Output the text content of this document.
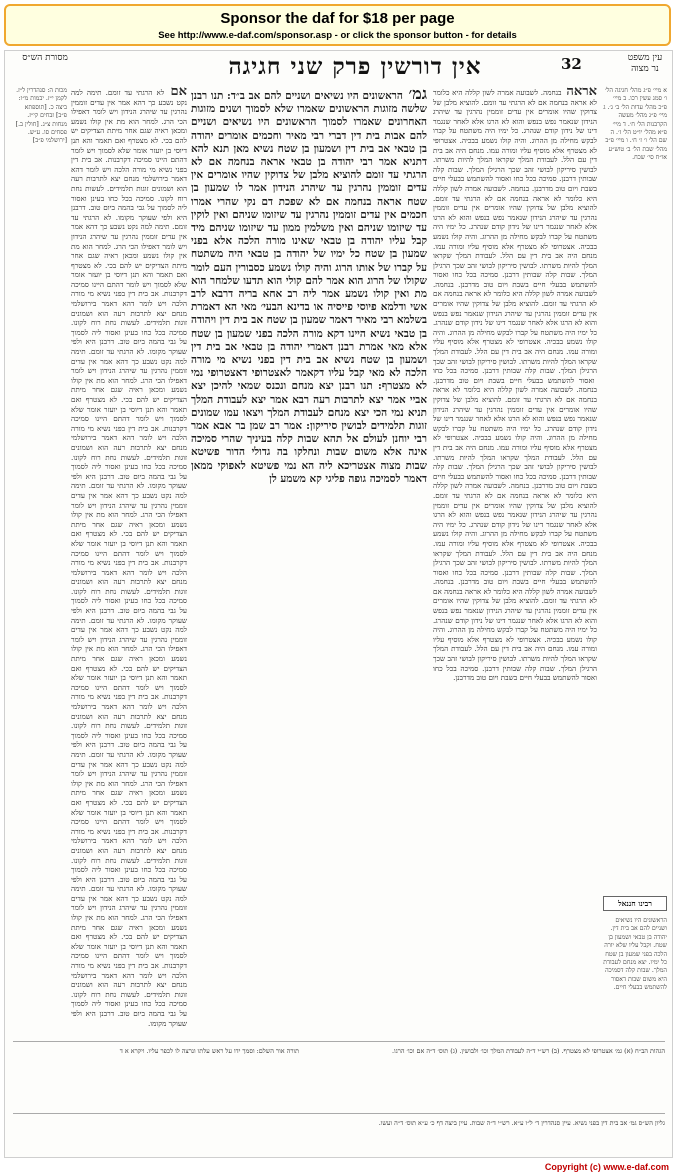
Sponsor the daf for $18 per page
See http://www.e-daf.com/sponsor.asp - or click the sponsor button - for details
עין משפט נר מצוה
32
אין דורשין פרק שני חגיגה
מסורת הש״ס
א מיי׳ פ״ג מהל׳ חגיגה הל׳ ו׳ סמג עשין רכו. ב מיי׳ פ״כ מהל׳ עדות הל׳ ב׳ ג׳. ג מיי׳ פ״ג מהל׳ מעשה הקרבנות הל׳ ח׳. ד מיי׳ פ״א מהל׳ יו״ט הל׳ ז׳. ה שם הל׳ ו׳ ז׳ ח׳. ו מיי׳ פ״ב מהל׳ שבת הל׳ ב׳ טוש״ע או״ח סי׳ שכח.
אראה בנחמה. לשבועה אמרה לשון קללה היא כלומר לא אראה בנחמה אם לא הרגתי עד זומם. להוציא מלבן של צדוקין שהיו אומרים אין עדים זוממין נהרגין עד שיהרג הנידון שנאמר נפש בנפש והוא לא הרגו אלא לאחר שנגמר דינו של נידון קודם שנהרג. כל ימיו היה משתטח על קברו לבקש מחילה מן ההרוג. והיה קולו נשמע בבכיה. אצטרופי לא מצטרף אלא מוסיף עליו ומורה עמו. מנחם היה אב בית דין עם הלל. לעבודת המלך שקראו המלך להיות משרתו. לבושין סיריקון לבושי זהב שכך הרגילן המלך. שבות קלה שבותין דרבנן. סמיכה בכל כחו ואסור להשתמש בבעלי חיים בשבת ויום טוב מדרבנן. בנחמה. לשבועה אמרה לשון קללה היא כלומר לא אראה בנחמה אם לא הרגתי עד זומם. להוציא מלבן של צדוקין שהיו אומרים אין עדים זוממין נהרגין עד שיהרג הנידון שנאמר נפש בנפש והוא לא הרגו אלא לאחר שנגמר דינו של נידון קודם שנהרג. כל ימיו היה משתטח על קברו לבקש מחילה מן ההרוג. והיה קולו נשמע בבכיה. אצטרופי לא מצטרף אלא מוסיף עליו ומורה עמו. מנחם היה אב בית דין עם הלל. לעבודת המלך שקראו המלך להיות משרתו. לבושין סיריקון לבושי זהב שכך הרגילן המלך. שבות קלה שבותין דרבנן. סמיכה בכל כחו ואסור להשתמש בבעלי חיים בשבת ויום טוב מדרבנן. בנחמה. לשבועה אמרה לשון קללה היא כלומר לא אראה בנחמה אם לא הרגתי עד זומם. להוציא מלבן של צדוקין שהיו אומרים אין עדים זוממין נהרגין עד שיהרג הנידון שנאמר נפש בנפש והוא לא הרגו אלא לאחר שנגמר דינו של נידון קודם שנהרג. כל ימיו היה משתטח על קברו לבקש מחילה מן ההרוג. והיה קולו נשמע בבכיה. אצטרופי לא מצטרף אלא מוסיף עליו ומורה עמו. מנחם היה אב בית דין עם הלל. לעבודת המלך שקראו המלך להיות משרתו. לבושין סיריקון לבושי זהב שכך הרגילן המלך. שבות קלה שבותין דרבנן. סמיכה בכל כחו ואסור להשתמש בבעלי חיים בשבת ויום טוב מדרבנן. בנחמה. לשבועה אמרה לשון קללה היא כלומר לא אראה בנחמה אם לא הרגתי עד זומם. להוציא מלבן של צדוקין שהיו אומרים אין עדים זוממין נהרגין עד שיהרג הנידון שנאמר נפש בנפש והוא לא הרגו אלא לאחר שנגמר דינו של נידון קודם שנהרג. כל ימיו היה משתטח על קברו לבקש מחילה מן ההרוג. והיה קולו נשמע בבכיה. אצטרופי לא מצטרף אלא מוסיף עליו ומורה עמו. מנחם היה אב בית דין עם הלל. לעבודת המלך שקראו המלך להיות משרתו. לבושין סיריקון לבושי זהב שכך הרגילן המלך. שבות קלה שבותין דרבנן. סמיכה בכל כחו ואסור להשתמש בבעלי חיים בשבת ויום טוב מדרבנן. בנחמה. לשבועה אמרה לשון קללה היא כלומר לא אראה בנחמה אם לא הרגתי עד זומם. להוציא מלבן של צדוקין שהיו אומרים אין עדים זוממין נהרגין עד שיהרג הנידון שנאמר נפש בנפש והוא לא הרגו אלא לאחר שנגמר דינו של נידון קודם שנהרג. כל ימיו היה משתטח על קברו לבקש מחילה מן ההרוג. והיה קולו נשמע בבכיה. אצטרופי לא מצטרף אלא מוסיף עליו ומורה עמו. מנחם היה אב בית דין עם הלל. לעבודת המלך שקראו המלך להיות משרתו. לבושין סיריקון לבושי זהב שכך הרגילן המלך. שבות קלה שבותין דרבנן. סמיכה בכל כחו ואסור להשתמש בבעלי חיים בשבת ויום טוב מדרבנן. בנחמה. לשבועה אמרה לשון קללה היא כלומר לא אראה בנחמה אם לא הרגתי עד זומם. להוציא מלבן של צדוקין שהיו אומרים אין עדים זוממין נהרגין עד שיהרג הנידון שנאמר נפש בנפש והוא לא הרגו אלא לאחר שנגמר דינו של נידון קודם שנהרג. כל ימיו היה משתטח על קברו לבקש מחילה מן ההרוג. והיה קולו נשמע בבכיה. אצטרופי לא מצטרף אלא מוסיף עליו ומורה עמו. מנחם היה אב בית דין עם הלל. לעבודת המלך שקראו המלך להיות משרתו. לבושין סיריקון לבושי זהב שכך הרגילן המלך. שבות קלה שבותין דרבנן. סמיכה בכל כחו ואסור להשתמש בבעלי חיים בשבת ויום טוב מדרבנן.
גמ׳ הראשונים היו נשיאים ושניים להם אב ב״ד: תנו רבנן שלשה מזוגות הראשונים שאמרו שלא לסמוך ושנים מזוגות האחרונים שאמרו לסמוך הראשונים היו נשיאים ושניים להם אבות בית דין דברי רבי מאיר וחכמים אומרים יהודה בן טבאי אב בית דין ושמעון בן שטח נשיא מאן תנא להא דתניא אמר רבי יהודה בן טבאי אראה בנחמה אם לא הרגתי עד זומם להוציא מלבן של צדוקין שהיו אומרים אין עדים זוממין נהרגין עד שיהרג הנידון אמר לו שמעון בן שטח אראה בנחמה אם לא שפכת דם נקי שהרי אמרו חכמים אין עדים זוממין נהרגין עד שיזומו שניהם ואין לוקין עד שיזומו שניהם ואין משלמין ממון עד שיזומו שניהם מיד קבל עליו יהודה בן טבאי שאינו מורה הלכה אלא בפני שמעון בן שטח כל ימיו של יהודה בן טבאי היה משתטח על קברו של אותו הרוג והיה קולו נשמע כסבורין העם לומר שקולו של הרוג הוא אמר להם קולי הוא תדעו שלמחר הוא מת ואין קולו נשמע אמר ליה רב אחא בריה דרבא לרב אשי ודלמא פיוסי פייסיה או בדינא הבעי׳ מאי הא דאמרת בשלמא רבי מאיר דאמר שמעון בן שטח אב בית דין ויהודה בן טבאי נשיא היינו דקא מורה הלכה בפני שמעון בן שטח אלא מאי אמרת רבנן דאמרי יהודה בן טבאי אב בית דין ושמעון בן שטח נשיא אב בית דין בפני נשיא מי מורה הלכה לא מאי קבל עליו דקאמר לאצטרופי דאצטרופי נמי לא מצטרף: תנו רבנן יצא מנחם ונכנס שמאי להיכן יצא אביי אמר יצא לתרבות רעה רבא אמר יצא לעבודת המלך תניא נמי הכי יצא מנחם לעבודת המלך ויצאו עמו שמונים זוגות תלמידים לבושין סיריקון: אמר רב שמן בר אבא אמר רבי יוחנן לעולם אל תהא שבות קלה בעיניך שהרי סמיכה אינה אלא משום שבות ונחלקו בה גדולי הדור פשיטא שבות מצוה אצטריכא ליה הא נמי פשיטא לאפוקי ממאן דאמר לסמיכה גופה פליגי קא משמע לן
אם לא הרגתי עד זומם. תימה למה נקט נשבע כך דהא אמר אין עדים זוממין נהרגין עד שיהרג הנידון ויש לומר דאפילו הכי הרג. למחר הוא מת אין קולו נשמע ומכאן ראיה שגם אחר מיתת הצדיקים יש להם בכי. לא מצטרף ואם תאמר והא תנן דיוסי בן יועזר אומר שלא לסמוך ויש לומר דהתם היינו סמיכה דקרבנות. אב בית דין בפני נשיא מי מורה הלכה ויש לומר דהא דאמר בירושלמי מנחם יצא לתרבות רעה הוא ושמונים זוגות תלמידים. לעשות נחת רוח לקונו. סמיכה בכל כחו בעינן ואסור ליה לסמוך על גבי בהמה ביום טוב. דרבנן היא ולפי שעוקר מקומו. לא הרגתי עד זומם. תימה למה נקט נשבע כך דהא אמר אין עדים זוממין נהרגין עד שיהרג הנידון ויש לומר דאפילו הכי הרג. למחר הוא מת אין קולו נשמע ומכאן ראיה שגם אחר מיתת הצדיקים יש להם בכי. לא מצטרף ואם תאמר והא תנן דיוסי בן יועזר אומר שלא לסמוך ויש לומר דהתם היינו סמיכה דקרבנות. אב בית דין בפני נשיא מי מורה הלכה ויש לומר דהא דאמר בירושלמי מנחם יצא לתרבות רעה הוא ושמונים זוגות תלמידים. לעשות נחת רוח לקונו. סמיכה בכל כחו בעינן ואסור ליה לסמוך על גבי בהמה ביום טוב. דרבנן היא ולפי שעוקר מקומו. לא הרגתי עד זומם. תימה למה נקט נשבע כך דהא אמר אין עדים זוממין נהרגין עד שיהרג הנידון ויש לומר דאפילו הכי הרג. למחר הוא מת אין קולו נשמע ומכאן ראיה שגם אחר מיתת הצדיקים יש להם בכי. לא מצטרף ואם תאמר והא תנן דיוסי בן יועזר אומר שלא לסמוך ויש לומר דהתם היינו סמיכה דקרבנות. אב בית דין בפני נשיא מי מורה הלכה ויש לומר דהא דאמר בירושלמי מנחם יצא לתרבות רעה הוא ושמונים זוגות תלמידים. לעשות נחת רוח לקונו. סמיכה בכל כחו בעינן ואסור ליה לסמוך על גבי בהמה ביום טוב. דרבנן היא ולפי שעוקר מקומו. לא הרגתי עד זומם. תימה למה נקט נשבע כך דהא אמר אין עדים זוממין נהרגין עד שיהרג הנידון ויש לומר דאפילו הכי הרג. למחר הוא מת אין קולו נשמע ומכאן ראיה שגם אחר מיתת הצדיקים יש להם בכי. לא מצטרף ואם תאמר והא תנן דיוסי בן יועזר אומר שלא לסמוך ויש לומר דהתם היינו סמיכה דקרבנות. אב בית דין בפני נשיא מי מורה הלכה ויש לומר דהא דאמר בירושלמי מנחם יצא לתרבות רעה הוא ושמונים זוגות תלמידים. לעשות נחת רוח לקונו. סמיכה בכל כחו בעינן ואסור ליה לסמוך על גבי בהמה ביום טוב. דרבנן היא ולפי שעוקר מקומו. לא הרגתי עד זומם. תימה למה נקט נשבע כך דהא אמר אין עדים זוממין נהרגין עד שיהרג הנידון ויש לומר דאפילו הכי הרג. למחר הוא מת אין קולו נשמע ומכאן ראיה שגם אחר מיתת הצדיקים יש להם בכי. לא מצטרף ואם תאמר והא תנן דיוסי בן יועזר אומר שלא לסמוך ויש לומר דהתם היינו סמיכה דקרבנות. אב בית דין בפני נשיא מי מורה הלכה ויש לומר דהא דאמר בירושלמי מנחם יצא לתרבות רעה הוא ושמונים זוגות תלמידים. לעשות נחת רוח לקונו. סמיכה בכל כחו בעינן ואסור ליה לסמוך על גבי בהמה ביום טוב. דרבנן היא ולפי שעוקר מקומו. לא הרגתי עד זומם. תימה למה נקט נשבע כך דהא אמר אין עדים זוממין נהרגין עד שיהרג הנידון ויש לומר דאפילו הכי הרג. למחר הוא מת אין קולו נשמע ומכאן ראיה שגם אחר מיתת הצדיקים יש להם בכי. לא מצטרף ואם תאמר והא תנן דיוסי בן יועזר אומר שלא לסמוך ויש לומר דהתם היינו סמיכה דקרבנות. אב בית דין בפני נשיא מי מורה הלכה ויש לומר דהא דאמר בירושלמי מנחם יצא לתרבות רעה הוא ושמונים זוגות תלמידים. לעשות נחת רוח לקונו. סמיכה בכל כחו בעינן ואסור ליה לסמוך על גבי בהמה ביום טוב. דרבנן היא ולפי שעוקר מקומו. לא הרגתי עד זומם. תימה למה נקט נשבע כך דהא אמר אין עדים זוממין נהרגין עד שיהרג הנידון ויש לומר דאפילו הכי הרג. למחר הוא מת אין קולו נשמע ומכאן ראיה שגם אחר מיתת הצדיקים יש להם בכי. לא מצטרף ואם תאמר והא תנן דיוסי בן יועזר אומר שלא לסמוך ויש לומר דהתם היינו סמיכה דקרבנות. אב בית דין בפני נשיא מי מורה הלכה ויש לומר דהא דאמר בירושלמי מנחם יצא לתרבות רעה הוא ושמונים זוגות תלמידים. לעשות נחת רוח לקונו. סמיכה בכל כחו בעינן ואסור ליה לסמוך על גבי בהמה ביום טוב. דרבנן היא ולפי שעוקר מקומו.
מכות ה: סנהדרין ל״ז. לקמן י״ז. יבמות מ״ו: ביצה כ. [תוספתא פ״ב] זבחים קי״ז. מנחות צ״ג. [חולין ב.] פסחים סו. ע״ש. [ירושלמי פ״ב]
רבינו חננאל
הראשונים היו נשיאים ושניים להם אב בית דין. יהודה בן טבאי ושמעון בן שטח. וקבל עליו שלא יורה הלכה בפני שמעון בן שטח כל ימיו. יצא מנחם לעבודת המלך. שבות קלה דסמיכה היא משום שבות דאסור להשתמש בבעלי חיים.
הגהות הב״ח (א) גמ׳ אצטרופי לא מצטרף. (ב) רש״י ד״ה לעבודת המלך וכו׳ ולבושין. (ג) תוס׳ ד״ה אם וכו׳ הרגו.
תורה אור השלם: וסמך ידו על ראש עלתו ונרצה לו לכפר עליו. ויקרא א ד
גליון הש״ס גמ׳ אב בית דין בפני נשיא. עיין סנהדרין ד׳ ל״ו ע״א. רש״י ד״ה שבות. עיין ביצה דף כ׳ ע״א תוס׳ ד״ה ועשו.
Copyright (c) www.e-daf.com
